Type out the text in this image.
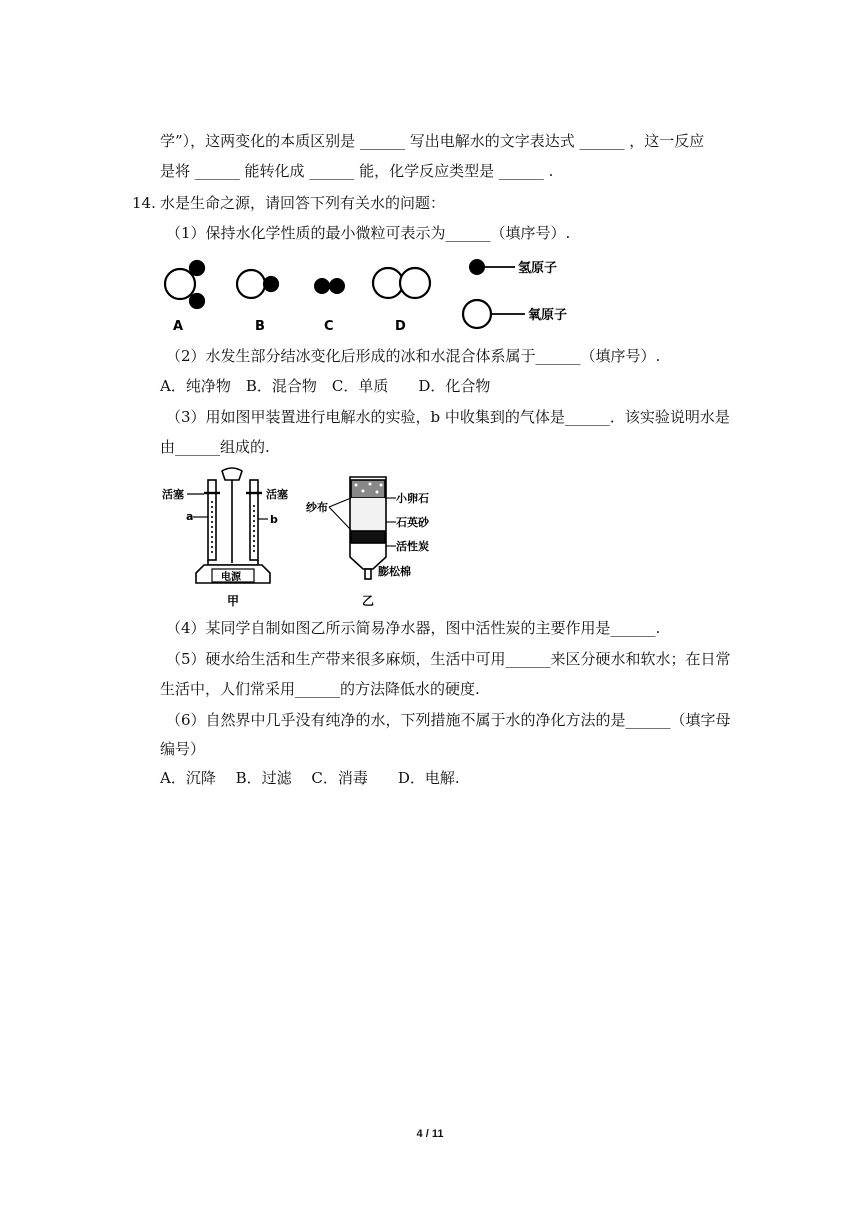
学”），这两变化的本质区别是 ______ 写出电解水的文字表达式 ______ ，这一反应
是将 ______ 能转化成 ______ 能，化学反应类型是 ______ .
14. 水是生命之源，请回答下列有关水的问题：
（1）保持水化学性质的最小微粒可表示为______（填序号）.
A	B	C	D
氢原子
氧原子
（2）水发生部分结冰变化后形成的冰和水混合体系属于______（填序号）.
A．纯净物　B．混合物　C．单质　　D．化合物
（3）用如图甲装置进行电解水的实验，b 中收集到的气体是______．该实验说明水是
由______组成的.
活塞	活塞
a	b
电源
甲
纱布
小卵石
石英砂
活性炭
膨松棉
乙
（4）某同学自制如图乙所示简易净水器，图中活性炭的主要作用是______.
（5）硬水给生活和生产带来很多麻烦，生活中可用______来区分硬水和软水；在日常
生活中，人们常采用______的方法降低水的硬度.
（6）自然界中几乎没有纯净的水，下列措施不属于水的净化方法的是______（填字母
编号）
A．沉降　 B．过滤　 C．消毒　　D．电解.
4 / 11
